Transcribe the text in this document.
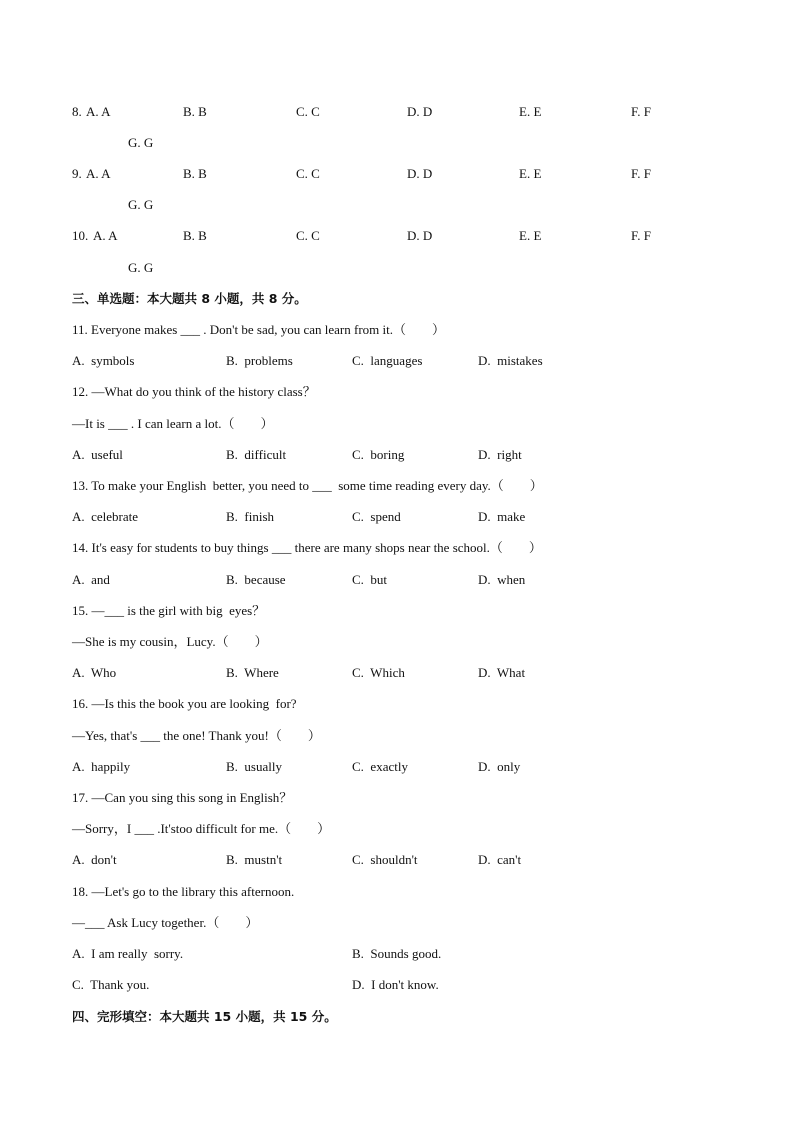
8. A. A	B. B	C. C	D. D	E. E	F. F
G. G
9. A. A	B. B	C. C	D. D	E. E	F. F
G. G
10. A. A	B. B	C. C	D. D	E. E	F. F
G. G
三、单选题：本大题共 8 小题，共 8 分。
11. Everyone makes ___ . Don't be sad, you can learn from it.（　　）
A.  symbols	B.  problems	C.  languages	D.  mistakes
12. —What do you think of the history class？
—It is ___ . I can learn a lot.（　　）
A.  useful	B.  difficult	C.  boring	D.  right
13. To make your English  better, you need to ___  some time reading every day.（　　）
A.  celebrate	B.  finish	C.  spend	D.  make
14. It's easy for students to buy things ___ there are many shops near the school.（　　）
A.  and	B.  because	C.  but	D.  when
15. —___ is the girl with big  eyes？
—She is my cousin，Lucy.（　　）
A.  Who	B.  Where	C.  Which	D.  What
16. —Is this the book you are looking  for?
—Yes, that's ___ the one! Thank you!（　　）
A.  happily	B.  usually	C.  exactly	D.  only
17. —Can you sing this song in English？
—Sorry，I ___ .It'stoo difficult for me.（　　）
A.  don't	B.  mustn't	C.  shouldn't	D.  can't
18. —Let's go to the library this afternoon.
—___ Ask Lucy together.（　　）
A.  I am really  sorry.	B.  Sounds good.
C.  Thank you.	D.  I don't know.
四、完形填空：本大题共 15 小题，共 15 分。
